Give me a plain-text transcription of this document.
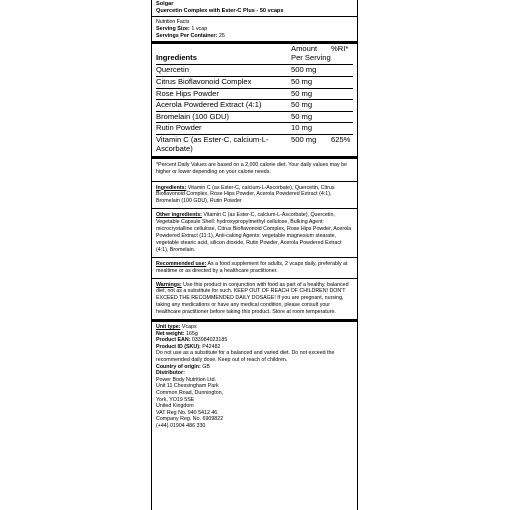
Solgar
Quercetin Complex with Ester-C Plus - 50 vcaps
Nutrition Facts
Serving Size: 1 vcap
Servings Per Container: 25
Ingredients	Amount Per Serving	%RI*
Quercetin	500 mg	
Citrus Bioflavonoid Complex	50 mg	
Rose Hips Powder	50 mg	
Acerola Powdered Extract (4:1)	50 mg	
Bromelain (100 GDU)	50 mg	
Rutin Powder	10 mg	
Vitamin C (as Ester-C, calcium-L-Ascorbate)	500 mg	625%
*Percent Daily Values are based on a 2,000 calorie diet. Your daily values may be higher or lower depending on your calorie needs.
Ingredients: Vitamin C (as Ester-C, calcium-L-Ascorbate), Quercetin, Citrus Bioflavonoid Complex, Rose Hips Powder, Acerola Powdered Extract (4:1), Bromelain (100 GDU), Rutin Powder
Other ingredients: Vitamin C (as Ester-C, calcium-L-Ascorbate), Quercetin, Vegetable Capsule Shell: hydroxypropylmethyl cellulose, Bulking Agent: microcrystalline cellulose, Citrus Bioflavonoid Complex, Rose Hips Powder, Acerola Powdered Extract (11:1), Anti-caking Agents: vegetable magnesium stearate, vegetable stearic acid, silicon dioxide, Rutin Powder, Acerola Powdered Extract (4:1), Bromelain.
Recommended use: As a food supplement for adults, 2 vcaps daily, preferably at mealtime or as directed by a healthcare practitioner.
Warnings: Use this product in conjunction with food as part of a healthy, balanced diet, not as a substitute for such. KEEP OUT OF REACH OF CHILDREN! DON'T EXCEED THE RECOMMENDED DAILY DOSAGE! If you are pregnant, nursing, taking any medications or have any medical condition, please consult your healthcare practitioner before taking this product. Store at room temperature.
Unit type: Vcaps
Net weight: 165g
Product EAN: 033984023185
Product ID (SKU): P42482
Do not use as a substitute for a balanced and varied diet. Do not exceed the recommended daily dose. Keep out of reach of children.
Country of origin: GB
Distributor:
Power Body Nutrition Ltd.
Unit 11 Chessingham Park
Common Road, Dunnington,
York, YO19 5SE
United Kingdom
VAT Reg No. 940 5412 46
Company Reg. No. 6909822
(+44) 01904 486 330
